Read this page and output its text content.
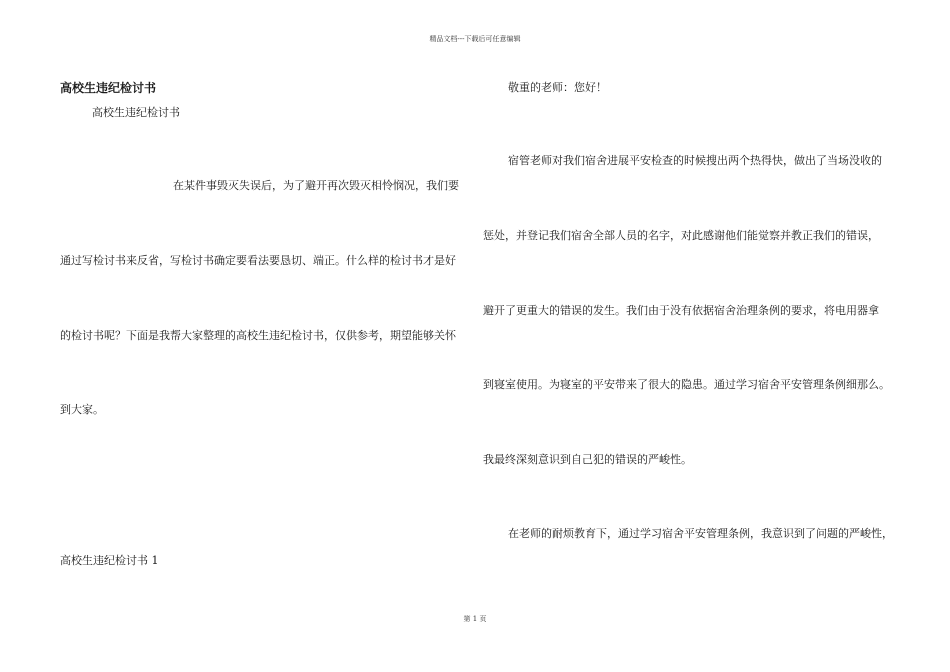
精品文档---下载后可任意编辑
高校生违纪检讨书
高校生违纪检讨书
在某件事毁灭失误后，为了避开再次毁灭相怜悯况，我们要
通过写检讨书来反省，写检讨书确定要看法要恳切、端正。什么样的检讨书才是好
的检讨书呢？下面是我帮大家整理的高校生违纪检讨书，仅供参考，期望能够关怀
到大家。
高校生违纪检讨书 1
敬重的老师：您好！
宿管老师对我们宿舍进展平安检查的时候搜出两个热得快，做出了当场没收的
惩处，并登记我们宿舍全部人员的名字，对此感谢他们能觉察并教正我们的错误，
避开了更重大的错误的发生。我们由于没有依据宿舍治理条例的要求，将电用器拿
到寝室使用。为寝室的平安带来了很大的隐患。通过学习宿舍平安管理条例细那么。
我最终深刻意识到自己犯的错误的严峻性。
在老师的耐烦教育下，通过学习宿舍平安管理条例，我意识到了问题的严峻性，
第 1 页
